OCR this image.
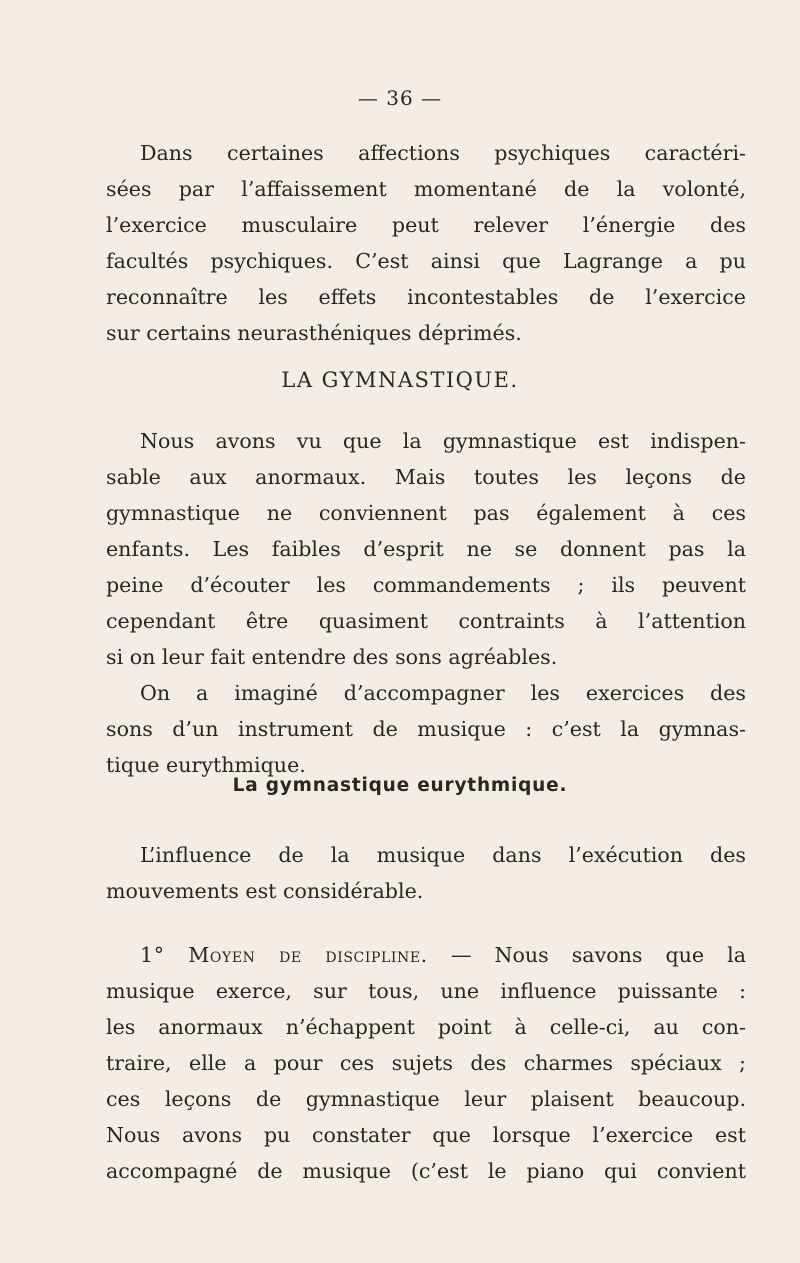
— 36 —
Dans certaines affections psychiques caractéri-
sées par l’affaissement momentané de la volonté,
l’exercice musculaire peut relever l’énergie des
facultés psychiques. C’est ainsi que Lagrange a pu
reconnaître les effets incontestables de l’exercice
sur certains neurasthéniques déprimés.
LA GYMNASTIQUE.
Nous avons vu que la gymnastique est indispen-
sable aux anormaux. Mais toutes les leçons de
gymnastique ne conviennent pas également à ces
enfants. Les faibles d’esprit ne se donnent pas la
peine d’écouter les commandements ; ils peuvent
cependant être quasiment contraints à l’attention
si on leur fait entendre des sons agréables.
On a imaginé d’accompagner les exercices des
sons d’un instrument de musique : c’est la gymnas-
tique eurythmique.
La gymnastique eurythmique.
L’influence de la musique dans l’exécution des
mouvements est considérable.
1° Moyen de discipline. — Nous savons que la
musique exerce, sur tous, une influence puissante :
les anormaux n’échappent point à celle-ci, au con-
traire, elle a pour ces sujets des charmes spéciaux ;
ces leçons de gymnastique leur plaisent beaucoup.
Nous avons pu constater que lorsque l’exercice est
accompagné de musique (c’est le piano qui convient
